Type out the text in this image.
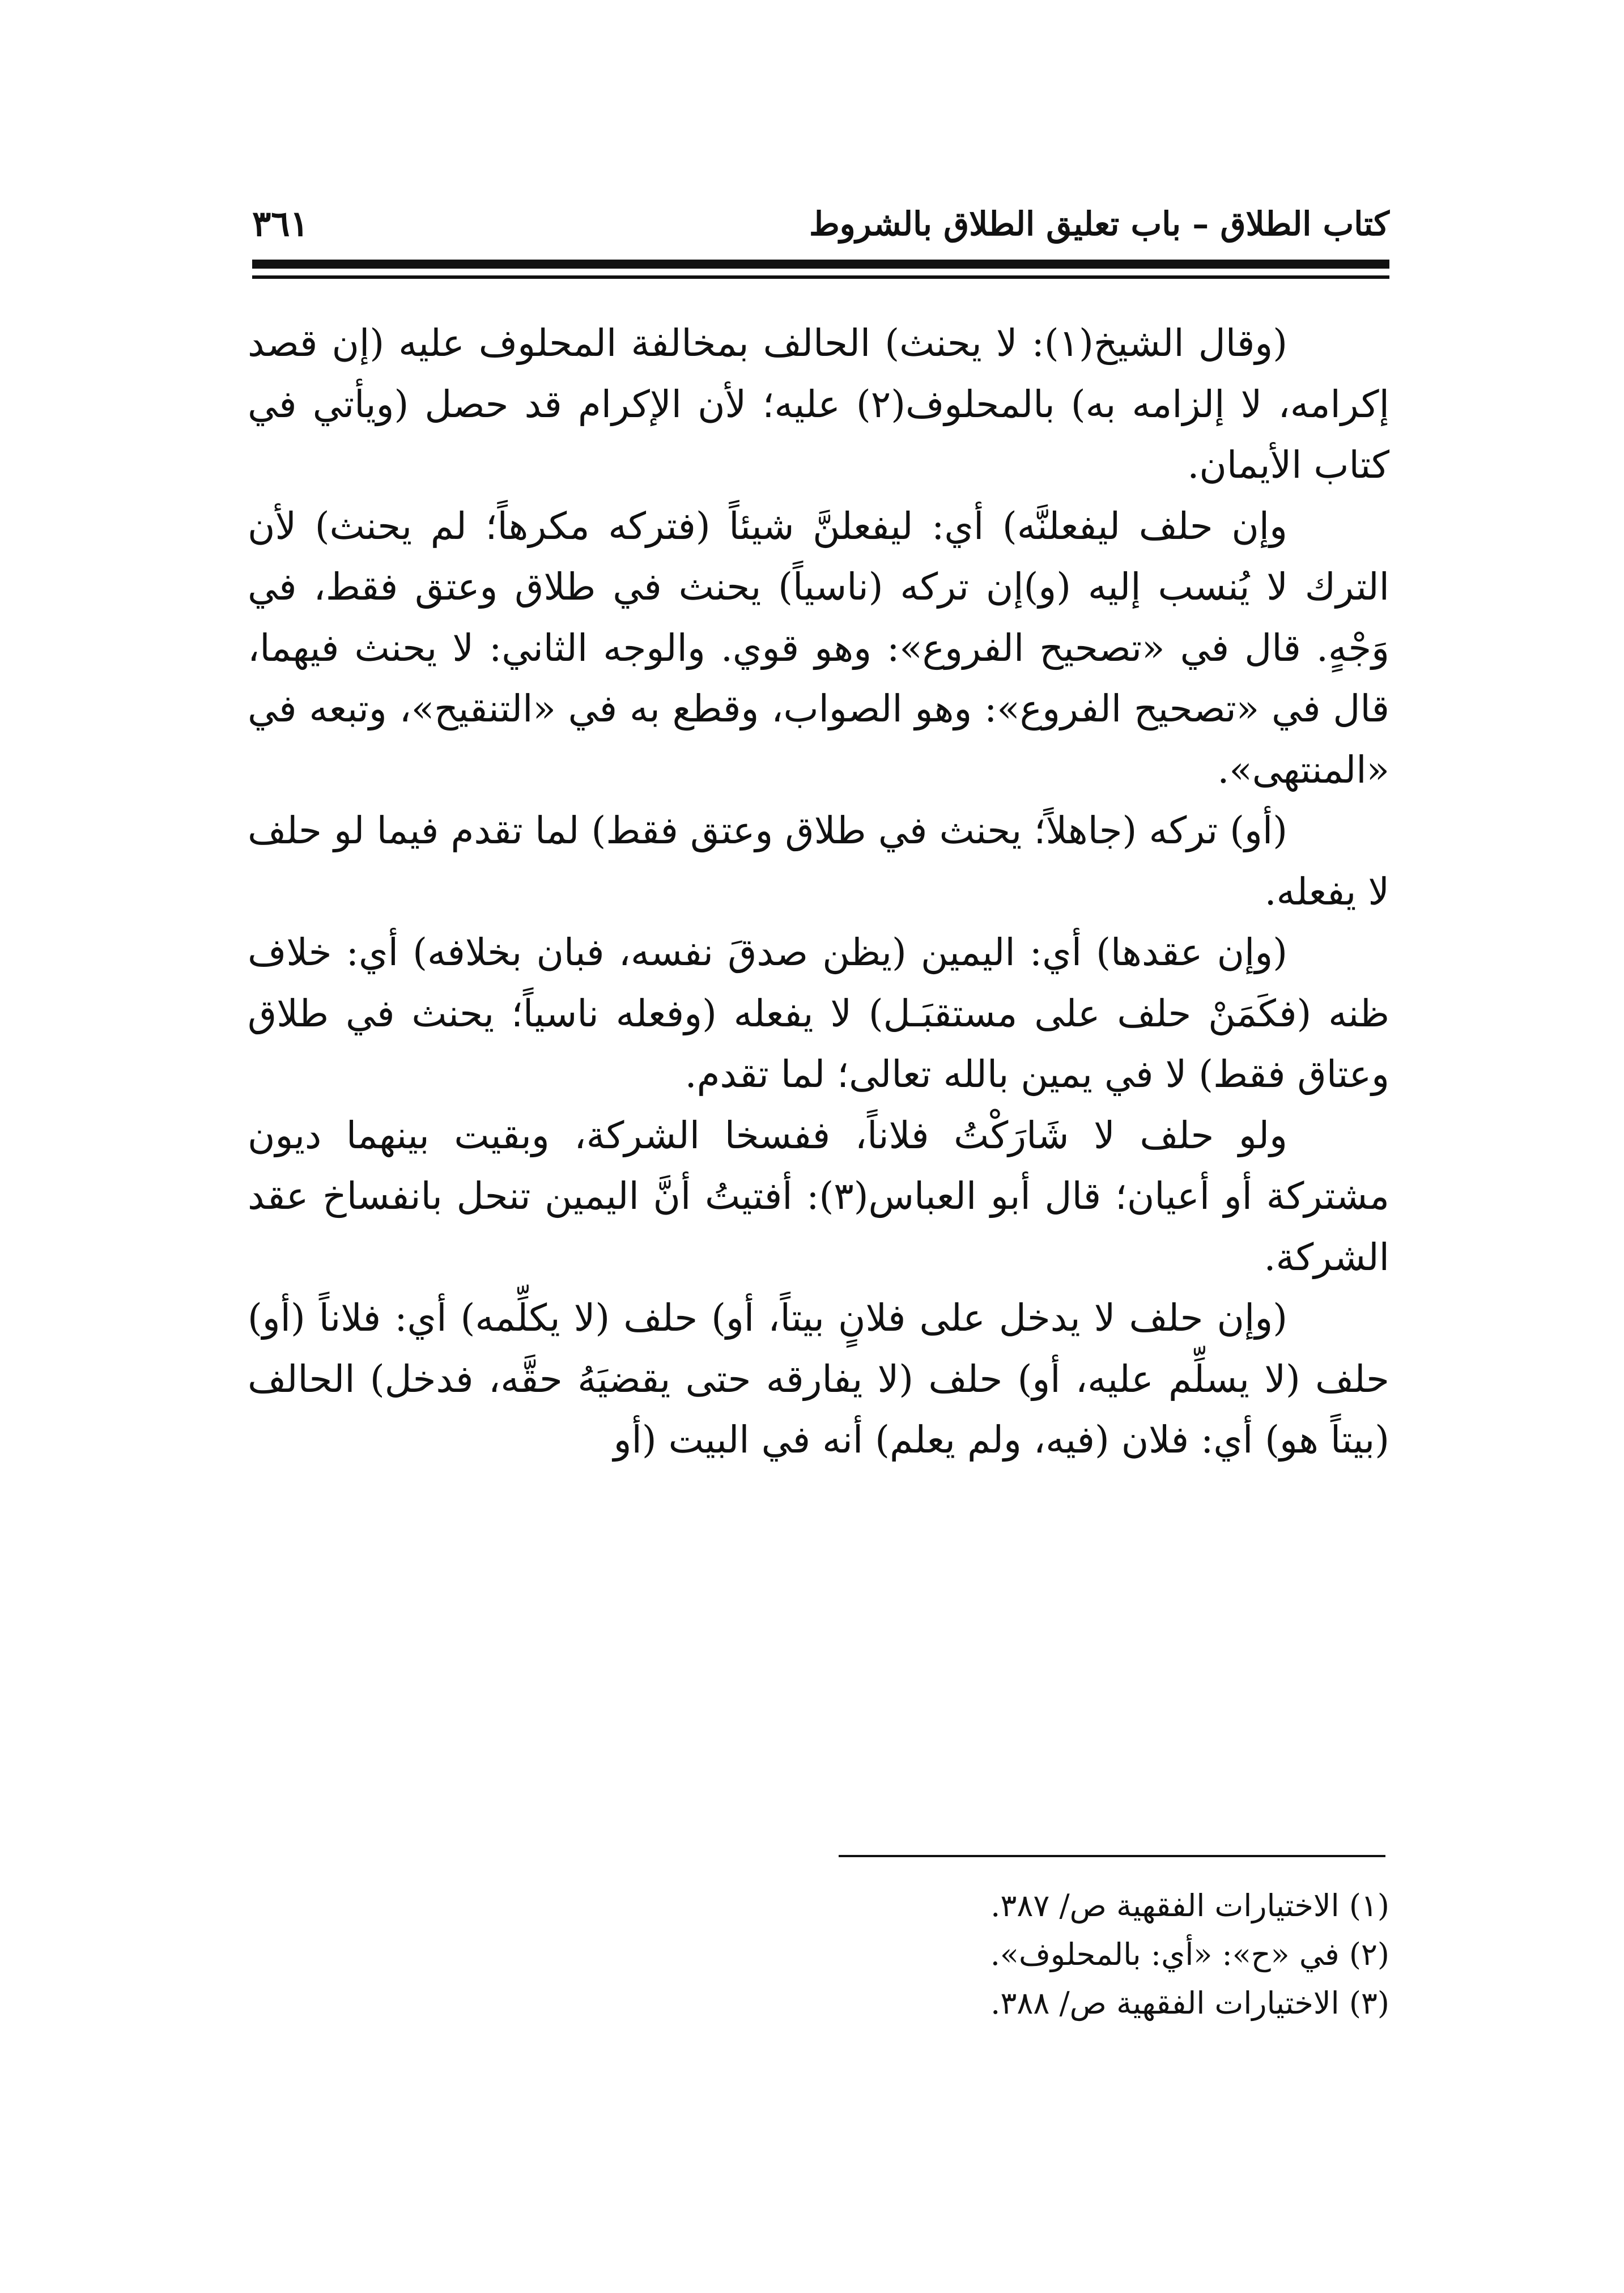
كتاب الطلاق – باب تعليق الطلاق بالشروط
٣٦١

(وقال الشيخ(١): لا يحنث) الحالف بمخالفة المحلوف عليه (إن قصد إكرامه، لا إلزامه به) بالمحلوف(٢) عليه؛ لأن الإكرام قد حصل (ويأتي في كتاب الأيمان.

وإن حلف ليفعلنَّه) أي: ليفعلنَّ شيئاً (فتركه مكرهاً؛ لم يحنث) لأن الترك لا يُنسب إليه (و)إن تركه (ناسياً) يحنث في طلاق وعتق فقط، في وَجْهٍ. قال في «تصحيح الفروع»: وهو قوي. والوجه الثاني: لا يحنث فيهما، قال في «تصحيح الفروع»: وهو الصواب، وقطع به في «التنقيح»، وتبعه في «المنتهى».

(أو) تركه (جاهلاً؛ يحنث في طلاق وعتق فقط) لما تقدم فيما لو حلف لا يفعله.

(وإن عقدها) أي: اليمين (يظن صدقَ نفسه، فبان بخلافه) أي: خلاف ظنه (فكَمَنْ حلف على مستقبَـل) لا يفعله (وفعله ناسياً؛ يحنث في طلاق وعتاق فقط) لا في يمين بالله تعالى؛ لما تقدم.

ولو حلف لا شَارَكْتُ فلاناً، ففسخا الشركة، وبقيت بينهما ديون مشتركة أو أعيان؛ قال أبو العباس(٣): أفتيتُ أنَّ اليمين تنحل بانفساخ عقد الشركة.

(وإن حلف لا يدخل على فلانٍ بيتاً، أو) حلف (لا يكلِّمه) أي: فلاناً (أو) حلف (لا يسلِّم عليه، أو) حلف (لا يفارقه حتى يقضيَهُ حقَّه، فدخل) الحالف (بيتاً هو) أي: فلان (فيه، ولم يعلم) أنه في البيت (أو

(١) الاختيارات الفقهية ص/ ٣٨٧.
(٢) في «ح»: «أي: بالمحلوف».
(٣) الاختيارات الفقهية ص/ ٣٨٨.
